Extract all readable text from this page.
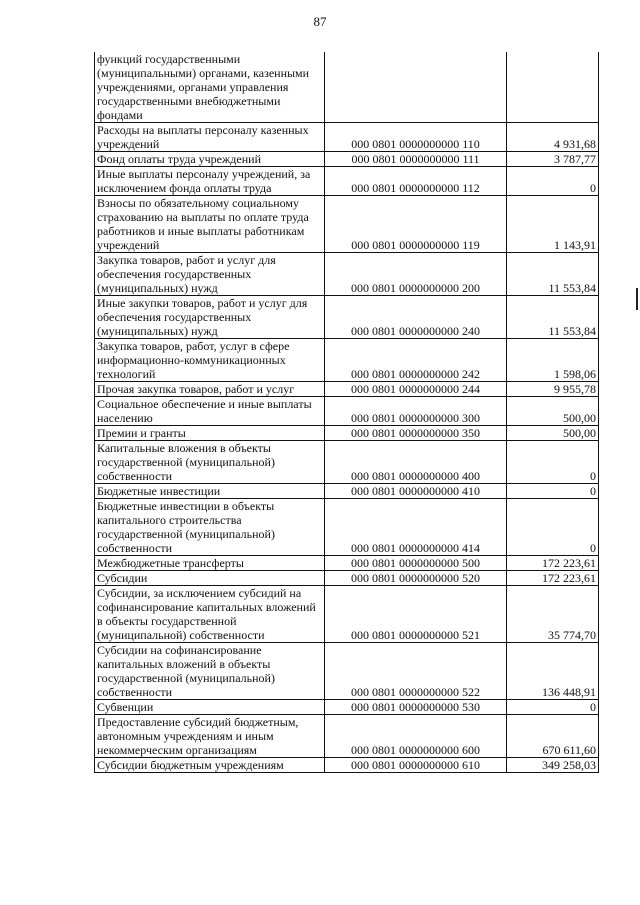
87
функций государственными (муниципальными) органами, казенными учреждениями, органами управления государственными внебюджетными фондами		
Расходы на выплаты персоналу казенных учреждений	000 0801 0000000000 110	4 931,68
Фонд оплаты труда учреждений	000 0801 0000000000 111	3 787,77
Иные выплаты персоналу учреждений, за исключением фонда оплаты труда	000 0801 0000000000 112	0
Взносы по обязательному социальному страхованию на выплаты по оплате труда работников и иные выплаты работникам учреждений	000 0801 0000000000 119	1 143,91
Закупка товаров, работ и услуг для обеспечения государственных (муниципальных) нужд	000 0801 0000000000 200	11 553,84
Иные закупки товаров, работ и услуг для обеспечения государственных (муниципальных) нужд	000 0801 0000000000 240	11 553,84
Закупка товаров, работ, услуг в сфере информационно-коммуникационных технологий	000 0801 0000000000 242	1 598,06
Прочая закупка товаров, работ и услуг	000 0801 0000000000 244	9 955,78
Социальное обеспечение и иные выплаты населению	000 0801 0000000000 300	500,00
Премии и гранты	000 0801 0000000000 350	500,00
Капитальные вложения в объекты государственной (муниципальной) собственности	000 0801 0000000000 400	0
Бюджетные инвестиции	000 0801 0000000000 410	0
Бюджетные инвестиции в объекты капитального строительства государственной (муниципальной) собственности	000 0801 0000000000 414	0
Межбюджетные трансферты	000 0801 0000000000 500	172 223,61
Субсидии	000 0801 0000000000 520	172 223,61
Субсидии, за исключением субсидий на софинансирование капитальных вложений в объекты государственной (муниципальной) собственности	000 0801 0000000000 521	35 774,70
Субсидии на софинансирование капитальных вложений в объекты государственной (муниципальной) собственности	000 0801 0000000000 522	136 448,91
Субвенции	000 0801 0000000000 530	0
Предоставление субсидий бюджетным, автономным учреждениям и иным некоммерческим организациям	000 0801 0000000000 600	670 611,60
Субсидии бюджетным учреждениям	000 0801 0000000000 610	349 258,03
